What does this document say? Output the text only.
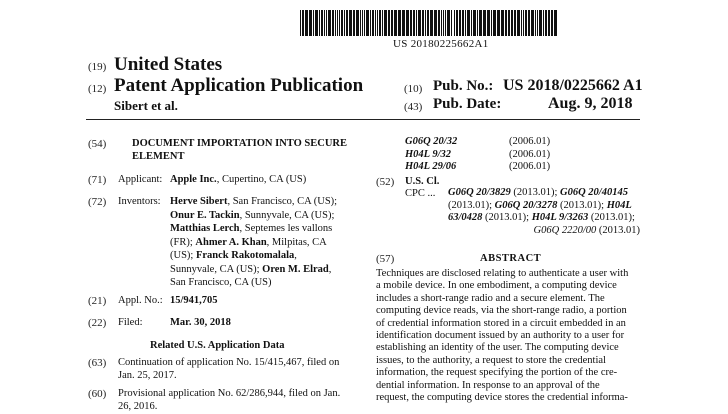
US 20180225662A1
(19) United States
(12) Patent Application Publication
Sibert et al.
(10) Pub. No.: US 2018/0225662 A1
(43) Pub. Date:	Aug. 9, 2018
(54) DOCUMENT IMPORTATION INTO SECURE
ELEMENT
(71) Applicant: Apple Inc., Cupertino, CA (US)
(72) Inventors: Herve Sibert, San Francisco, CA (US);
Onur E. Tackin, Sunnyvale, CA (US);
Matthias Lerch, Septemes les vallons
(FR); Ahmer A. Khan, Milpitas, CA
(US); Franck Rakotomalala,
Sunnyvale, CA (US); Oren M. Elrad,
San Francisco, CA (US)
(21) Appl. No.: 15/941,705
(22) Filed:	Mar. 30, 2018
Related U.S. Application Data
(63) Continuation of application No. 15/415,467, filed on
Jan. 25, 2017.
(60) Provisional application No. 62/286,944, filed on Jan.
26, 2016.
G06Q 20/32	(2006.01)
H04L 9/32	(2006.01)
H04L 29/06	(2006.01)
(52) U.S. Cl.
CPC ... G06Q 20/3829 (2013.01); G06Q 20/40145
(2013.01); G06Q 20/3278 (2013.01); H04L
63/0428 (2013.01); H04L 9/3263 (2013.01);
G06Q 2220/00 (2013.01)
(57)	ABSTRACT
Techniques are disclosed relating to authenticate a user with
a mobile device. In one embodiment, a computing device
includes a short-range radio and a secure element. The
computing device reads, via the short-range radio, a portion
of credential information stored in a circuit embedded in an
identification document issued by an authority to a user for
establishing an identity of the user. The computing device
issues, to the authority, a request to store the credential
information, the request specifying the portion of the cre-
dential information. In response to an approval of the
request, the computing device stores the credential informa-
